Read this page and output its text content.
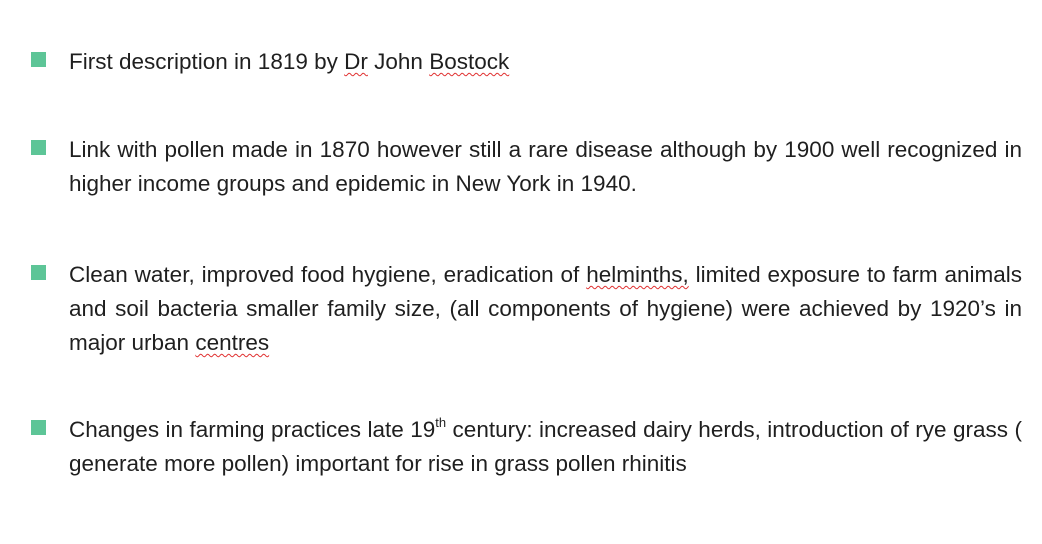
First description in 1819 by Dr John Bostock
Link with pollen made in 1870 however still a rare disease although by 1900 well recognized in higher income groups and epidemic in New York in 1940.
Clean water, improved food hygiene, eradication of helminths, limited exposure to farm animals and soil bacteria smaller family size, (all components of hygiene) were achieved by 1920’s in major urban centres
Changes in farming practices late 19th century: increased dairy herds, introduction of rye grass ( generate more pollen) important for rise in grass pollen rhinitis
